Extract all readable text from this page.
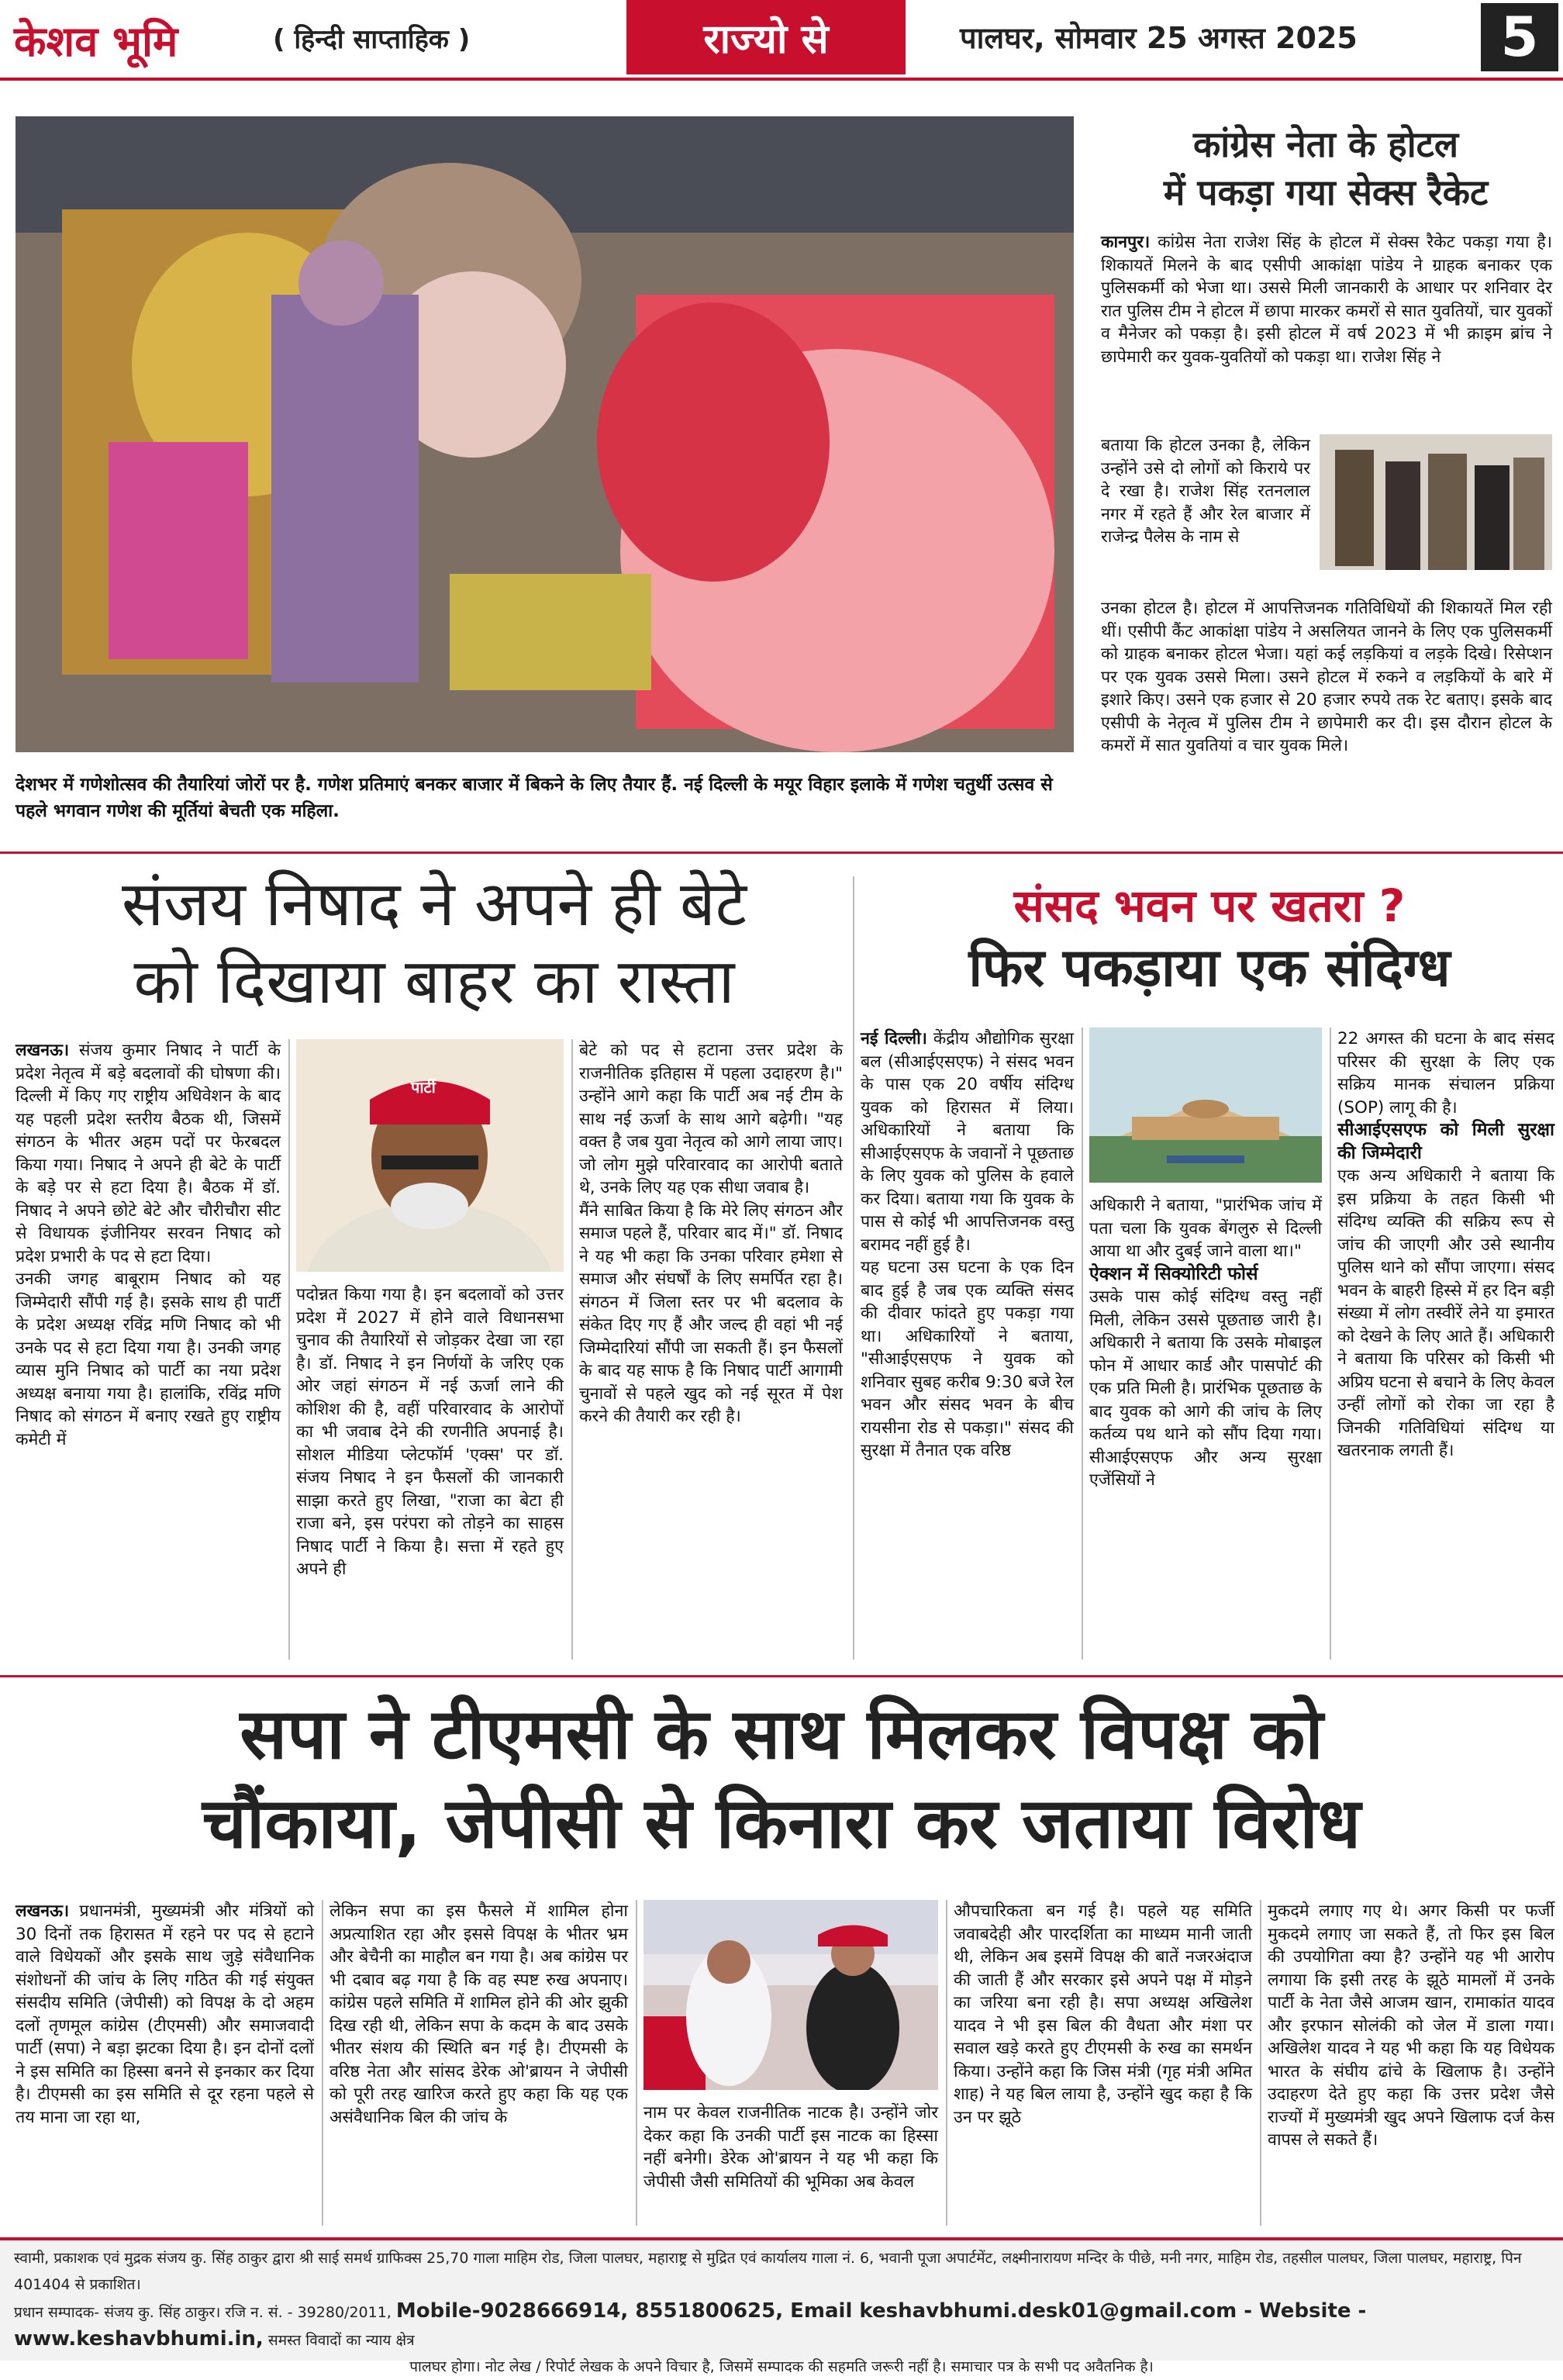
केशव भूमि	( हिन्दी साप्ताहिक )	राज्यो से	पालघर, सोमवार 25 अगस्त 2025	5
देशभर में गणेशोत्सव की तैयारियां जोरों पर है. गणेश प्रतिमाएं बनकर बाजार में बिकने के लिए तैयार हैं. नई दिल्ली के मयूर विहार इलाके में गणेश चतुर्थी उत्सव से पहले भगवान गणेश की मूर्तियां बेचती एक महिला.
कांग्रेस नेता के होटल
में पकड़ा गया सेक्स रैकेट
कानपुर। कांग्रेस नेता राजेश सिंह के होटल में सेक्स रैकेट पकड़ा गया है। शिकायतें मिलने के बाद एसीपी आकांक्षा पांडेय ने ग्राहक बनाकर एक पुलिसकर्मी को भेजा था। उससे मिली जानकारी के आधार पर शनिवार देर रात पुलिस टीम ने होटल में छापा मारकर कमरों से सात युवतियों, चार युवकों व मैनेजर को पकड़ा है। इसी होटल में वर्ष 2023 में भी क्राइम ब्रांच ने छापेमारी कर युवक-युवतियों को पकड़ा था। राजेश सिंह ने
बताया कि होटल उनका है, लेकिन उन्होंने उसे दो लोगों को किराये पर दे रखा है। राजेश सिंह रतनलाल नगर में रहते हैं और रेल बाजार में राजेन्द्र पैलेस के नाम से
उनका होटल है। होटल में आपत्तिजनक गतिविधियों की शिकायतें मिल रही थीं। एसीपी कैंट आकांक्षा पांडेय ने असलियत जानने के लिए एक पुलिसकर्मी को ग्राहक बनाकर होटल भेजा। यहां कई लड़कियां व लड़के दिखे। रिसेप्शन पर एक युवक उससे मिला। उसने होटल में रुकने व लड़कियों के बारे में इशारे किए। उसने एक हजार से 20 हजार रुपये तक रेट बताए। इसके बाद एसीपी के नेतृत्व में पुलिस टीम ने छापेमारी कर दी। इस दौरान होटल के कमरों में सात युवतियां व चार युवक मिले।
संजय निषाद ने अपने ही बेटे
को दिखाया बाहर का रास्ता
लखनऊ। संजय कुमार निषाद ने पार्टी के प्रदेश नेतृत्व में बड़े बदलावों की घोषणा की। दिल्ली में किए गए राष्ट्रीय अधिवेशन के बाद यह पहली प्रदेश स्तरीय बैठक थी, जिसमें संगठन के भीतर अहम पदों पर फेरबदल किया गया। निषाद ने अपने ही बेटे के पार्टी के बड़े पर से हटा दिया है। बैठक में डॉ. निषाद ने अपने छोटे बेटे और चौरीचौरा सीट से विधायक इंजीनियर सरवन निषाद को प्रदेश प्रभारी के पद से हटा दिया।
उनकी जगह बाबूराम निषाद को यह जिम्मेदारी सौंपी गई है। इसके साथ ही पार्टी के प्रदेश अध्यक्ष रविंद्र मणि निषाद को भी उनके पद से हटा दिया गया है। उनकी जगह व्यास मुनि निषाद को पार्टी का नया प्रदेश अध्यक्ष बनाया गया है। हालांकि, रविंद्र मणि निषाद को संगठन में बनाए रखते हुए राष्ट्रीय कमेटी में
पार्टी
पदोन्नत किया गया है। इन बदलावों को उत्तर प्रदेश में 2027 में होने वाले विधानसभा चुनाव की तैयारियों से जोड़कर देखा जा रहा है। डॉ. निषाद ने इन निर्णयों के जरिए एक ओर जहां संगठन में नई ऊर्जा लाने की कोशिश की है, वहीं परिवारवाद के आरोपों का भी जवाब देने की रणनीति अपनाई है। सोशल मीडिया प्लेटफॉर्म 'एक्स' पर डॉ. संजय निषाद ने इन फैसलों की जानकारी साझा करते हुए लिखा, "राजा का बेटा ही राजा बने, इस परंपरा को तोड़ने का साहस निषाद पार्टी ने किया है। सत्ता में रहते हुए अपने ही
बेटे को पद से हटाना उत्तर प्रदेश के राजनीतिक इतिहास में पहला उदाहरण है।" उन्होंने आगे कहा कि पार्टी अब नई टीम के साथ नई ऊर्जा के साथ आगे बढ़ेगी। "यह वक्त है जब युवा नेतृत्व को आगे लाया जाए। जो लोग मुझे परिवारवाद का आरोपी बताते थे, उनके लिए यह एक सीधा जवाब है।
मैंने साबित किया है कि मेरे लिए संगठन और समाज पहले हैं, परिवार बाद में।" डॉ. निषाद ने यह भी कहा कि उनका परिवार हमेशा से समाज और संघर्षों के लिए समर्पित रहा है। संगठन में जिला स्तर पर भी बदलाव के संकेत दिए गए हैं और जल्द ही वहां भी नई जिम्मेदारियां सौंपी जा सकती हैं। इन फैसलों के बाद यह साफ है कि निषाद पार्टी आगामी चुनावों से पहले खुद को नई सूरत में पेश करने की तैयारी कर रही है।
संसद भवन पर खतरा ?
फिर पकड़ाया एक संदिग्ध
नई दिल्ली। केंद्रीय औद्योगिक सुरक्षा बल (सीआईएसएफ) ने संसद भवन के पास एक 20 वर्षीय संदिग्ध युवक को हिरासत में लिया। अधिकारियों ने बताया कि सीआईएसएफ के जवानों ने पूछताछ के लिए युवक को पुलिस के हवाले कर दिया। बताया गया कि युवक के पास से कोई भी आपत्तिजनक वस्तु बरामद नहीं हुई है।
यह घटना उस घटना के एक दिन बाद हुई है जब एक व्यक्ति संसद की दीवार फांदते हुए पकड़ा गया था। अधिकारियों ने बताया, "सीआईएसएफ ने युवक को शनिवार सुबह करीब 9:30 बजे रेल भवन और संसद भवन के बीच रायसीना रोड से पकड़ा।" संसद की सुरक्षा में तैनात एक वरिष्ठ
अधिकारी ने बताया, "प्रारंभिक जांच में पता चला कि युवक बेंगलुरु से दिल्ली आया था और दुबई जाने वाला था।"
ऐक्शन में सिक्योरिटी फोर्स
उसके पास कोई संदिग्ध वस्तु नहीं मिली, लेकिन उससे पूछताछ जारी है। अधिकारी ने बताया कि उसके मोबाइल फोन में आधार कार्ड और पासपोर्ट की एक प्रति मिली है। प्रारंभिक पूछताछ के बाद युवक को आगे की जांच के लिए कर्तव्य पथ थाने को सौंप दिया गया। सीआईएसएफ और अन्य सुरक्षा एजेंसियों ने
22 अगस्त की घटना के बाद संसद परिसर की सुरक्षा के लिए एक सक्रिय मानक संचालन प्रक्रिया (SOP) लागू की है।
सीआईएसएफ को मिली सुरक्षा की जिम्मेदारी
एक अन्य अधिकारी ने बताया कि इस प्रक्रिया के तहत किसी भी संदिग्ध व्यक्ति की सक्रिय रूप से जांच की जाएगी और उसे स्थानीय पुलिस थाने को सौंपा जाएगा। संसद भवन के बाहरी हिस्से में हर दिन बड़ी संख्या में लोग तस्वीरें लेने या इमारत को देखने के लिए आते हैं। अधिकारी ने बताया कि परिसर को किसी भी अप्रिय घटना से बचाने के लिए केवल उन्हीं लोगों को रोका जा रहा है जिनकी गतिविधियां संदिग्ध या खतरनाक लगती हैं।
सपा ने टीएमसी के साथ मिलकर विपक्ष को
चौंकाया, जेपीसी से किनारा कर जताया विरोध
लखनऊ। प्रधानमंत्री, मुख्यमंत्री और मंत्रियों को 30 दिनों तक हिरासत में रहने पर पद से हटाने वाले विधेयकों और इसके साथ जुड़े संवैधानिक संशोधनों की जांच के लिए गठित की गई संयुक्त संसदीय समिति (जेपीसी) को विपक्ष के दो अहम दलों तृणमूल कांग्रेस (टीएमसी) और समाजवादी पार्टी (सपा) ने बड़ा झटका दिया है। इन दोनों दलों ने इस समिति का हिस्सा बनने से इनकार कर दिया है। टीएमसी का इस समिति से दूर रहना पहले से तय माना जा रहा था,
लेकिन सपा का इस फैसले में शामिल होना अप्रत्याशित रहा और इससे विपक्ष के भीतर भ्रम और बेचैनी का माहौल बन गया है। अब कांग्रेस पर भी दबाव बढ़ गया है कि वह स्पष्ट रुख अपनाए। कांग्रेस पहले समिति में शामिल होने की ओर झुकी दिख रही थी, लेकिन सपा के कदम के बाद उसके भीतर संशय की स्थिति बन गई है। टीएमसी के वरिष्ठ नेता और सांसद डेरेक ओ'ब्रायन ने जेपीसी को पूरी तरह खारिज करते हुए कहा कि यह एक असंवैधानिक बिल की जांच के	नाम पर केवल राजनीतिक नाटक है। उन्होंने जोर देकर कहा कि उनकी पार्टी इस नाटक का हिस्सा नहीं बनेगी। डेरेक ओ'ब्रायन ने यह भी कहा कि जेपीसी जैसी समितियों की भूमिका अब केवल
औपचारिकता बन गई है। पहले यह समिति जवाबदेही और पारदर्शिता का माध्यम मानी जाती थी, लेकिन अब इसमें विपक्ष की बातें नजरअंदाज की जाती हैं और सरकार इसे अपने पक्ष में मोड़ने का जरिया बना रही है। सपा अध्यक्ष अखिलेश यादव ने भी इस बिल की वैधता और मंशा पर सवाल खड़े करते हुए टीएमसी के रुख का समर्थन किया। उन्होंने कहा कि जिस मंत्री (गृह मंत्री अमित शाह) ने यह बिल लाया है, उन्होंने खुद कहा है कि उन पर झूठे
मुकदमे लगाए गए थे। अगर किसी पर फर्जी मुकदमे लगाए जा सकते हैं, तो फिर इस बिल की उपयोगिता क्या है? उन्होंने यह भी आरोप लगाया कि इसी तरह के झूठे मामलों में उनके पार्टी के नेता जैसे आजम खान, रामाकांत यादव और इरफान सोलंकी को जेल में डाला गया। अखिलेश यादव ने यह भी कहा कि यह विधेयक भारत के संघीय ढांचे के खिलाफ है। उन्होंने उदाहरण देते हुए कहा कि उत्तर प्रदेश जैसे राज्यों में मुख्यमंत्री खुद अपने खिलाफ दर्ज केस वापस ले सकते हैं।

स्वामी, प्रकाशक एवं मुद्रक संजय कु. सिंह ठाकुर द्वारा श्री साई समर्थ ग्राफिक्स 25,70 गाला माहिम रोड, जिला पालघर, महाराष्ट्र से मुद्रित एवं कार्यालय गाला नं. 6, भवानी पूजा अपार्टमेंट, लक्ष्मीनारायण मन्दिर के पीछे, मनी नगर, माहिम रोड, तहसील पालघर, जिला पालघर, महाराष्ट्र, पिन 401404 से प्रकाशित।

प्रधान सम्पादक- संजय कु. सिंह ठाकुर। रजि न. सं. - 39280/2011, Mobile-9028666914, 8551800625, Email keshavbhumi.desk01@gmail.com - Website - www.keshavbhumi.in, समस्त विवादों का न्याय क्षेत्र

पालघर होगा। नोट लेख / रिपोर्ट लेखक के अपने विचार है, जिसमें सम्पादक की सहमति जरूरी नहीं है। समाचार पत्र के सभी पद अवैतनिक है।
